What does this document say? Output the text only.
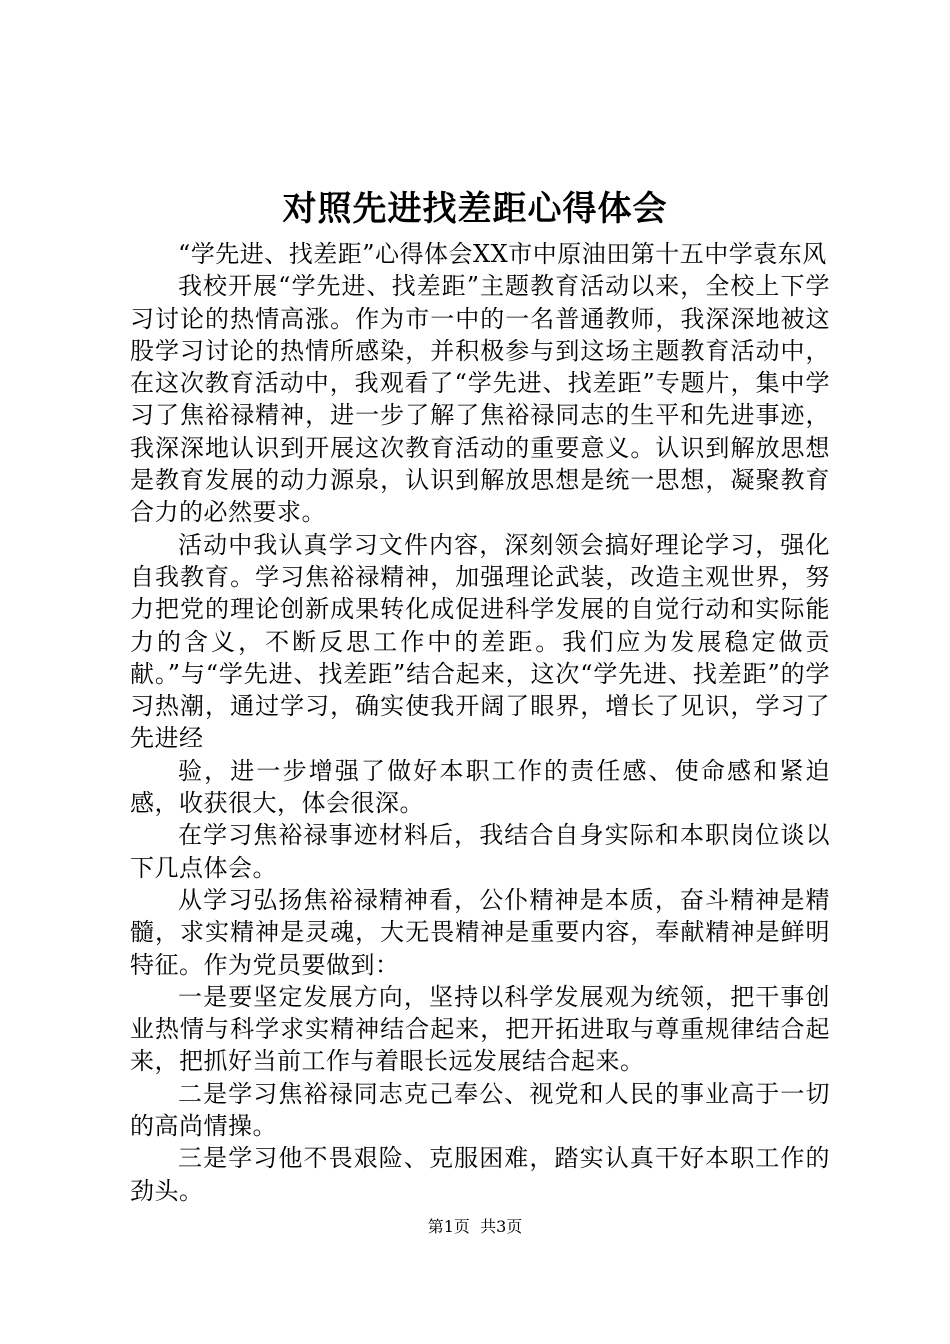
对照先进找差距心得体会

“学先进、找差距”心得体会XX市中原油田第十五中学袁东风

我校开展“学先进、找差距”主题教育活动以来，全校上下学习讨论的热情高涨。作为市一中的一名普通教师，我深深地被这股学习讨论的热情所感染，并积极参与到这场主题教育活动中，在这次教育活动中，我观看了“学先进、找差距”专题片，集中学习了焦裕禄精神，进一步了解了焦裕禄同志的生平和先进事迹，我深深地认识到开展这次教育活动的重要意义。认识到解放思想是教育发展的动力源泉，认识到解放思想是统一思想，凝聚教育合力的必然要求。

活动中我认真学习文件内容，深刻领会搞好理论学习，强化自我教育。学习焦裕禄精神，加强理论武装，改造主观世界，努力把党的理论创新成果转化成促进科学发展的自觉行动和实际能力的含义，不断反思工作中的差距。我们应为发展稳定做贡献。”与“学先进、找差距”结合起来，这次“学先进、找差距”的学习热潮，通过学习，确实使我开阔了眼界，增长了见识，学习了先进经

验，进一步增强了做好本职工作的责任感、使命感和紧迫感，收获很大，体会很深。

在学习焦裕禄事迹材料后，我结合自身实际和本职岗位谈以下几点体会。

从学习弘扬焦裕禄精神看，公仆精神是本质，奋斗精神是精髓，求实精神是灵魂，大无畏精神是重要内容，奉献精神是鲜明特征。作为党员要做到：

一是要坚定发展方向，坚持以科学发展观为统领，把干事创业热情与科学求实精神结合起来，把开拓进取与尊重规律结合起来，把抓好当前工作与着眼长远发展结合起来。

二是学习焦裕禄同志克己奉公、视党和人民的事业高于一切的高尚情操。

三是学习他不畏艰险、克服困难，踏实认真干好本职工作的劲头。

第1页 共3页
